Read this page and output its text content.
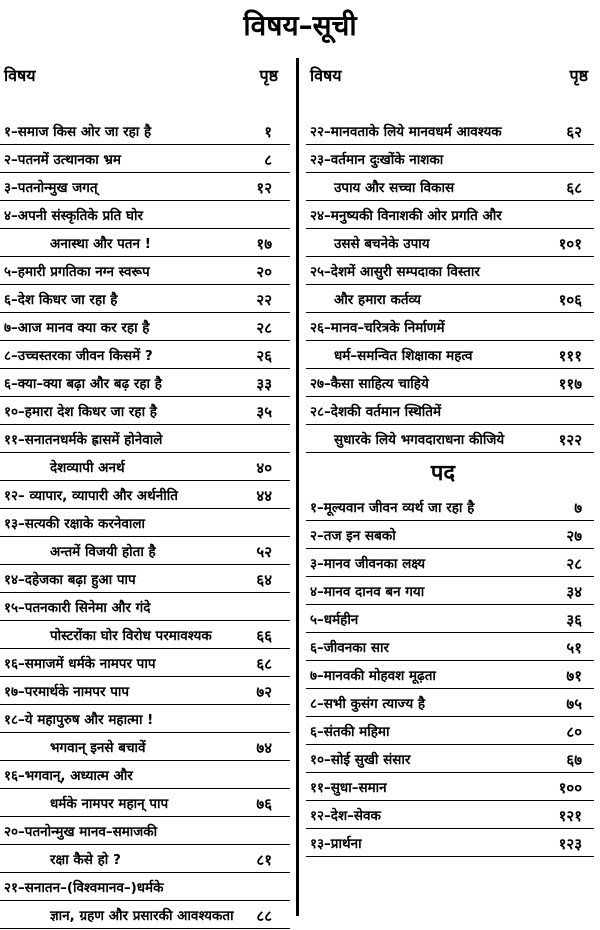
विषय–सूची
विषय	पृष्ठ
१–समाज किस ओर जा रहा है	१
२–पतनमें उत्थानका भ्रम	८
३–पतनोन्मुख जगत्	१२
४–अपनी संस्कृतिके प्रति घोर
अनास्था और पतन !	१७
५–हमारी प्रगतिका नग्न स्वरूप	२०
६–देश किधर जा रहा है	२२
७–आज मानव क्या कर रहा है	२८
८–उच्चस्तरका जीवन किसमें ?	२६
६–क्या–क्या बढ़ा और बढ़ रहा है	३३
१०–हमारा देश किधर जा रहा है	३५
११–सनातनधर्मके ह्रासमें होनेवाले
देशव्यापी अनर्थ	४०
१२– व्यापार, व्यापारी और अर्थनीति	४४
१३–सत्यकी रक्षाके करनेवाला
अन्तमें विजयी होता है	५२
१४–दहेजका बढ़ा हुआ पाप	६४
१५–पतनकारी सिनेमा और गंदे
पोस्टरोंका घोर विरोध परमावश्यक	६६
१६–समाजमें धर्मके नामपर पाप	६८
१७–परमार्थके नामपर पाप	७२
१८–ये महापुरुष और महात्मा !
भगवान् इनसे बचावें	७४
१६–भगवान्, अध्यात्म और
धर्मके नामपर महान् पाप	७६
२०–पतनोन्मुख मानव–समाजकी
रक्षा कैसे हो ?	८१
२१–सनातन–(विश्वमानव–)धर्मके
ज्ञान, ग्रहण और प्रसारकी आवश्यकता ८८
विषय	पृष्ठ
२२–मानवताके लिये मानवधर्म आवश्यक	६२
२३–वर्तमान दुःखोंके नाशका
उपाय और सच्चा विकास	६८
२४–मनुष्यकी विनाशकी ओर प्रगति और
उससे बचनेके उपाय	१०१
२५–देशमें आसुरी सम्पदाका विस्तार
और हमारा कर्तव्य	१०६
२६–मानव–चरित्रके निर्माणमें
धर्म–समन्वित शिक्षाका महत्व	१११
२७–कैसा साहित्य चाहिये	११७
२८–देशकी वर्तमान स्थितिमें
सुधारके लिये भगवदाराधना कीजिये	१२२
पद
१–मूल्यवान जीवन व्यर्थ जा रहा है	७
२–तज इन सबको	२७
३–मानव जीवनका लक्ष्य	२८
४–मानव दानव बन गया	३४
५–धर्महीन	३६
६–जीवनका सार	५१
७–मानवकी मोहवश मूढ़ता	७१
८–सभी कुसंग त्याज्य है	७५
६–संतकी महिमा	८०
१०–सोई सुखी संसार	६७
११–सुधा–समान	१००
१२–देश–सेवक	१२१
१३–प्रार्थना	१२३
